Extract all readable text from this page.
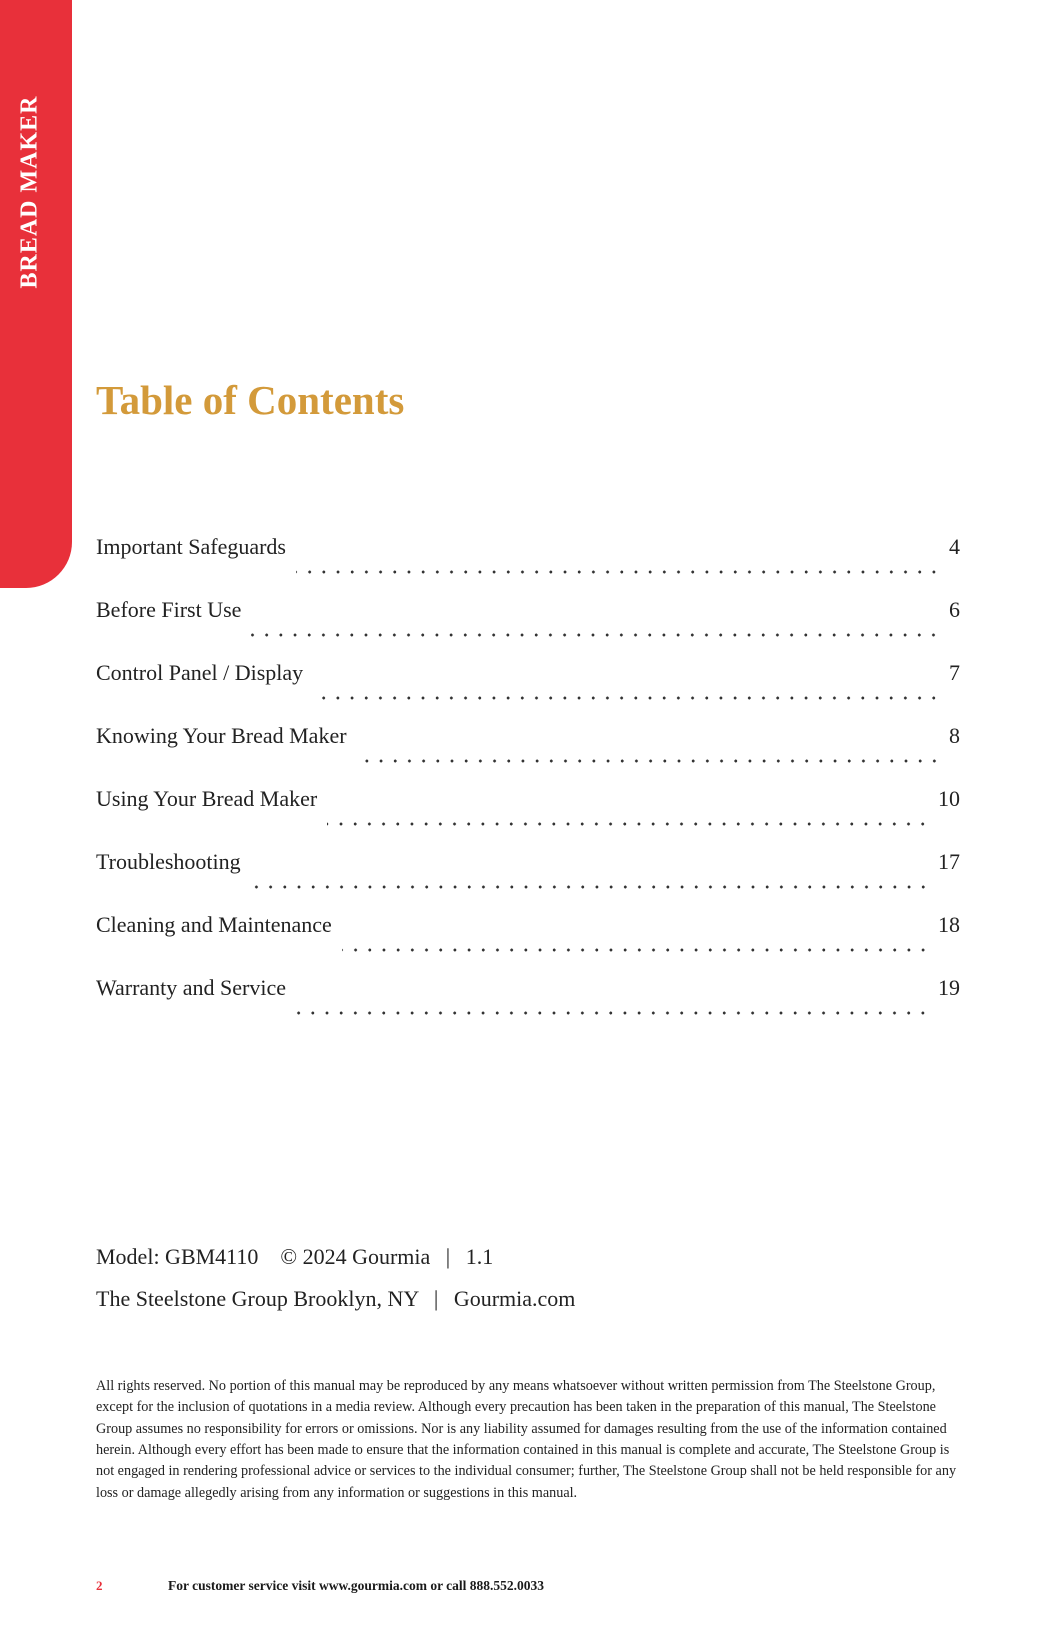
BREAD MAKER
Table of Contents
Important Safeguards	4
Before First Use	6
Control Panel / Display	7
Knowing Your Bread Maker	8
Using Your Bread Maker	10
Troubleshooting	17
Cleaning and Maintenance	18
Warranty and Service	19
Model: GBM4110 © 2024 Gourmia | 1.1
The Steelstone Group Brooklyn, NY | Gourmia.com

All rights reserved. No portion of this manual may be reproduced by any means whatsoever without written permission from The Steelstone Group, except for the inclusion of quotations in a media review. Although every precaution has been taken in the preparation of this manual, The Steelstone Group assumes no responsibility for errors or omissions. Nor is any liability assumed for damages resulting from the use of the information contained herein. Although every effort has been made to ensure that the information contained in this manual is complete and accurate, The Steelstone Group is not engaged in rendering professional advice or services to the individual consumer; further, The Steelstone Group shall not be held responsible for any loss or damage allegedly arising from any information or suggestions in this manual.

2	For customer service visit www.gourmia.com or call 888.552.0033
